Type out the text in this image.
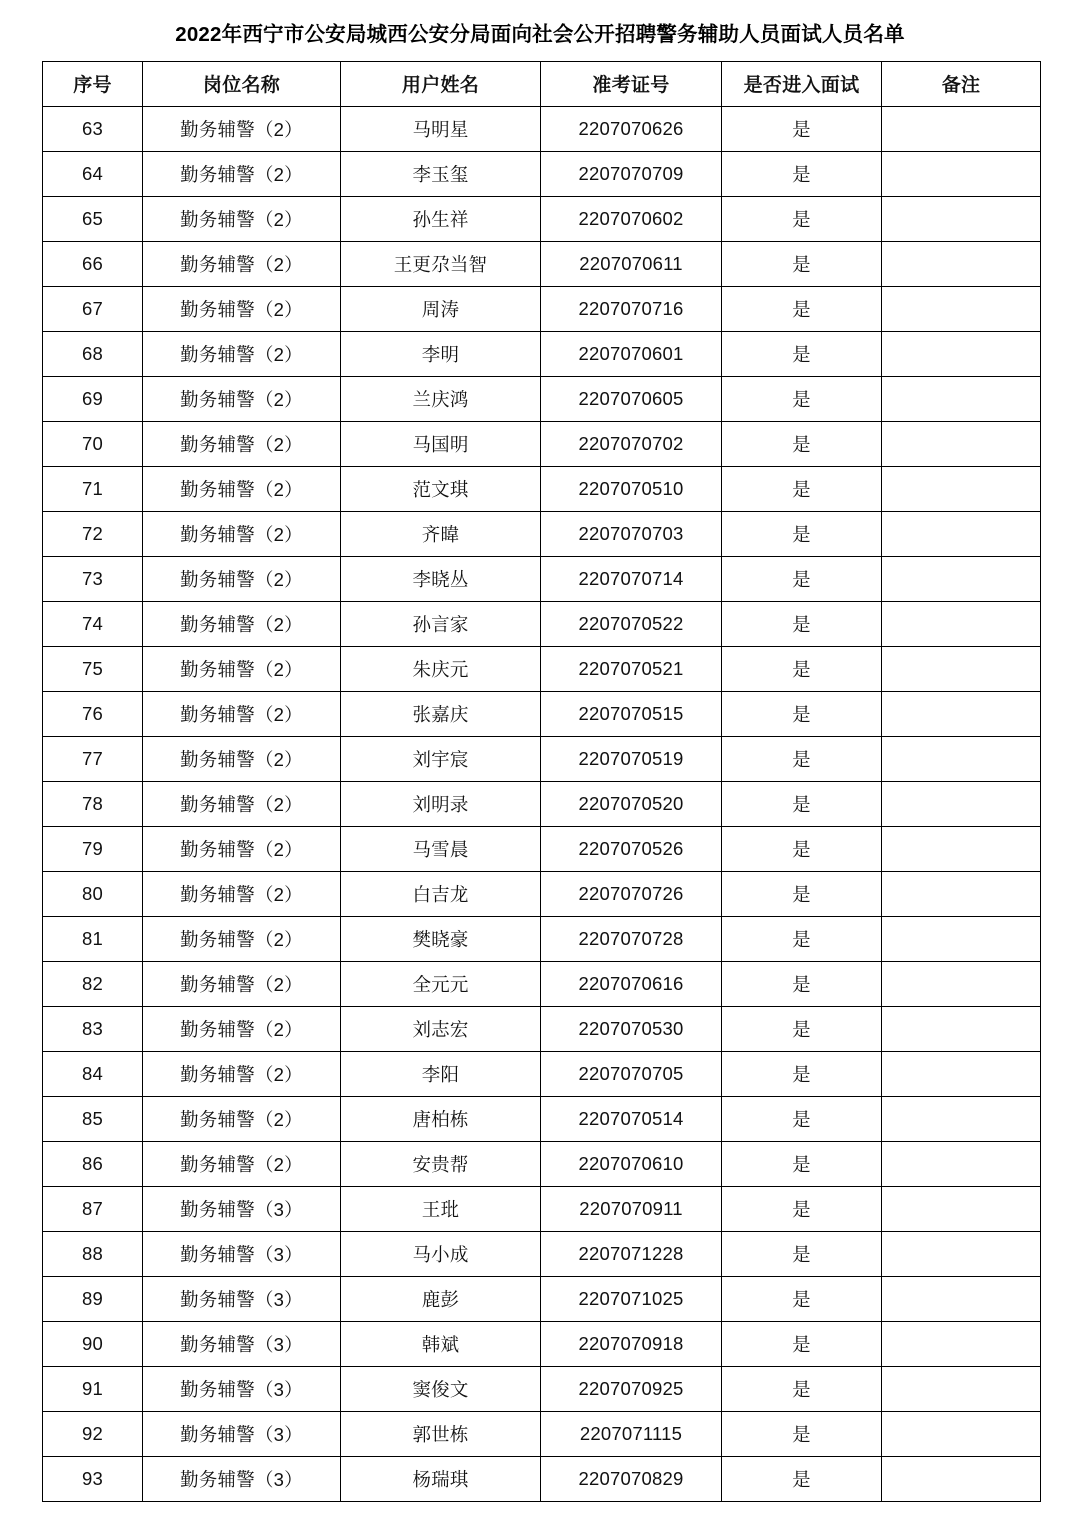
2022年西宁市公安局城西公安分局面向社会公开招聘警务辅助人员面试人员名单
序号	岗位名称	用户姓名	准考证号	是否进入面试	备注
63	勤务辅警（2）	马明星	2207070626	是	
64	勤务辅警（2）	李玉玺	2207070709	是	
65	勤务辅警（2）	孙生祥	2207070602	是	
66	勤务辅警（2）	王更尕当智	2207070611	是	
67	勤务辅警（2）	周涛	2207070716	是	
68	勤务辅警（2）	李明	2207070601	是	
69	勤务辅警（2）	兰庆鸿	2207070605	是	
70	勤务辅警（2）	马国明	2207070702	是	
71	勤务辅警（2）	范文琪	2207070510	是	
72	勤务辅警（2）	齐暐	2207070703	是	
73	勤务辅警（2）	李晓丛	2207070714	是	
74	勤务辅警（2）	孙言家	2207070522	是	
75	勤务辅警（2）	朱庆元	2207070521	是	
76	勤务辅警（2）	张嘉庆	2207070515	是	
77	勤务辅警（2）	刘宇宸	2207070519	是	
78	勤务辅警（2）	刘明录	2207070520	是	
79	勤务辅警（2）	马雪晨	2207070526	是	
80	勤务辅警（2）	白吉龙	2207070726	是	
81	勤务辅警（2）	樊晓豪	2207070728	是	
82	勤务辅警（2）	全元元	2207070616	是	
83	勤务辅警（2）	刘志宏	2207070530	是	
84	勤务辅警（2）	李阳	2207070705	是	
85	勤务辅警（2）	唐柏栋	2207070514	是	
86	勤务辅警（2）	安贵帮	2207070610	是	
87	勤务辅警（3）	王玭	2207070911	是	
88	勤务辅警（3）	马小成	2207071228	是	
89	勤务辅警（3）	鹿彭	2207071025	是	
90	勤务辅警（3）	韩斌	2207070918	是	
91	勤务辅警（3）	窦俊文	2207070925	是	
92	勤务辅警（3）	郭世栋	2207071115	是	
93	勤务辅警（3）	杨瑞琪	2207070829	是	
